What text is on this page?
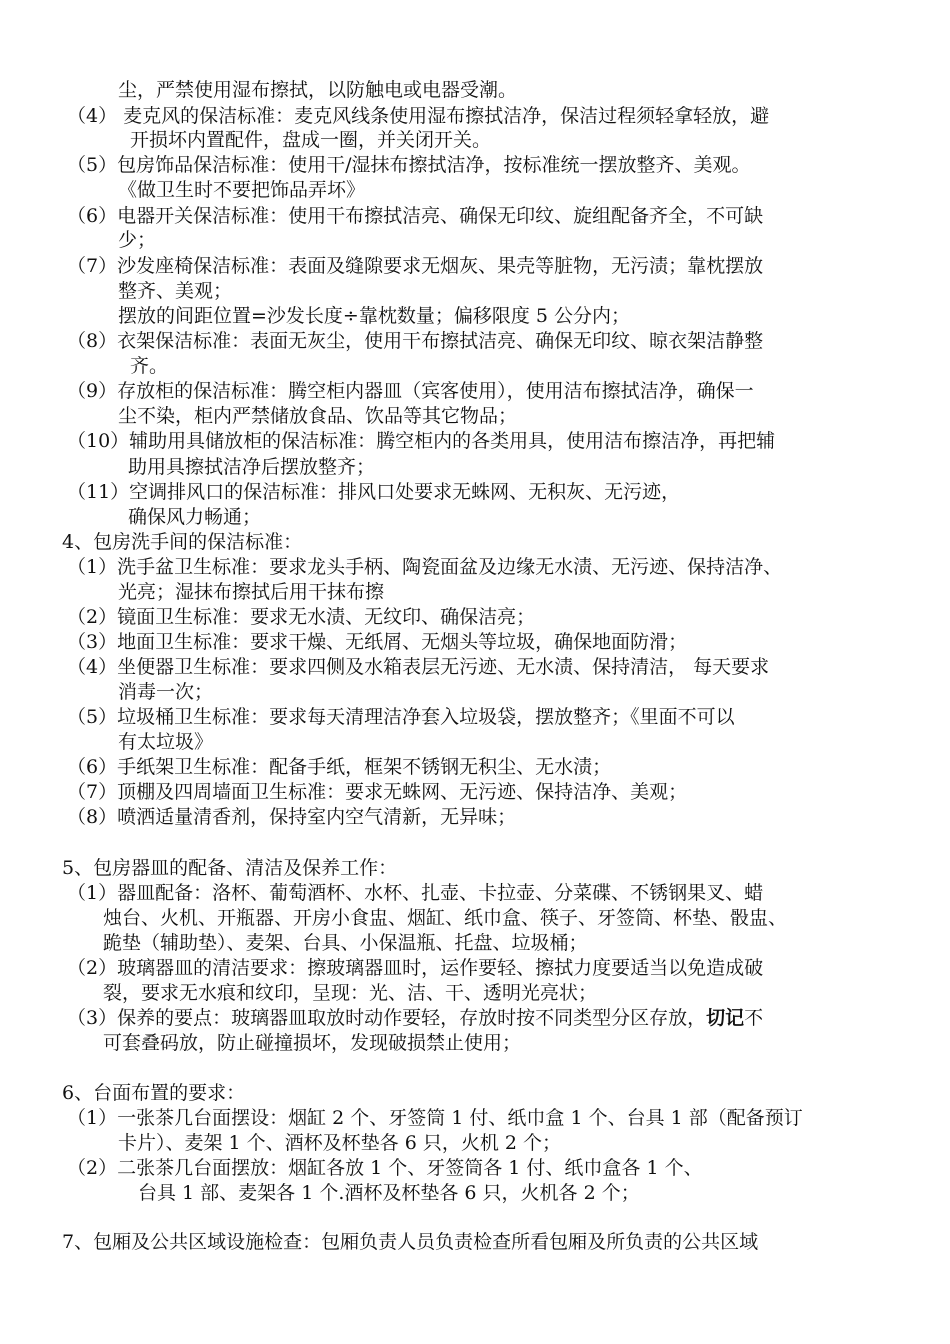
尘，严禁使用湿布擦拭，以防触电或电器受潮。
（4） 麦克风的保洁标准：麦克风线条使用湿布擦拭洁净，保洁过程须轻拿轻放，避
开损坏内置配件，盘成一圈，并关闭开关。
（5）包房饰品保洁标准：使用干/湿抹布擦拭洁净，按标准统一摆放整齐、美观。
《做卫生时不要把饰品弄坏》
（6）电器开关保洁标准：使用干布擦拭洁亮、确保无印纹、旋组配备齐全，不可缺
少；
（7）沙发座椅保洁标准：表面及缝隙要求无烟灰、果壳等脏物，无污渍；靠枕摆放
整齐、美观；
摆放的间距位置=沙发长度÷靠枕数量；偏移限度 5 公分内；
（8）衣架保洁标准：表面无灰尘，使用干布擦拭洁亮、确保无印纹、晾衣架洁静整
齐。
（9）存放柜的保洁标准：腾空柜内器皿（宾客使用），使用洁布擦拭洁净，确保一
尘不染，柜内严禁储放食品、饮品等其它物品；
（10）辅助用具储放柜的保洁标准：腾空柜内的各类用具，使用洁布擦洁净，再把辅
助用具擦拭洁净后摆放整齐；
（11）空调排风口的保洁标准：排风口处要求无蛛网、无积灰、无污迹，
确保风力畅通；
4、包房洗手间的保洁标准：
（1）洗手盆卫生标准：要求龙头手柄、陶瓷面盆及边缘无水渍、无污迹、保持洁净、
光亮；湿抹布擦拭后用干抹布擦
（2）镜面卫生标准：要求无水渍、无纹印、确保洁亮；
（3）地面卫生标准：要求干燥、无纸屑、无烟头等垃圾，确保地面防滑；
（4）坐便器卫生标准：要求四侧及水箱表层无污迹、无水渍、保持清洁， 每天要求
消毒一次；
（5）垃圾桶卫生标准：要求每天清理洁净套入垃圾袋，摆放整齐；《里面不可以
有太垃圾》
（6）手纸架卫生标准：配备手纸，框架不锈钢无积尘、无水渍；
（7）顶棚及四周墙面卫生标准：要求无蛛网、无污迹、保持洁净、美观；
（8）喷洒适量清香剂，保持室内空气清新，无异味；
5、包房器皿的配备、清洁及保养工作：
（1）器皿配备：洛杯、葡萄酒杯、水杯、扎壶、卡拉壶、分菜碟、不锈钢果叉、蜡
烛台、火机、开瓶器、开房小食盅、烟缸、纸巾盒、筷子、牙签筒、杯垫、骰盅、
跪垫（辅助垫）、麦架、台具、小保温瓶、托盘、垃圾桶；
（2）玻璃器皿的清洁要求：擦玻璃器皿时，运作要轻、擦拭力度要适当以免造成破
裂，要求无水痕和纹印，呈现：光、洁、干、透明光亮状；
（3）保养的要点：玻璃器皿取放时动作要轻，存放时按不同类型分区存放，切记不
可套叠码放，防止碰撞损坏，发现破损禁止使用；
6、台面布置的要求：
（1）一张茶几台面摆设：烟缸 2 个、牙签筒 1 付、纸巾盒 1 个、台具 1 部（配备预订
卡片）、麦架 1 个、酒杯及杯垫各 6 只，火机 2 个；
（2）二张茶几台面摆放：烟缸各放 1 个、牙签筒各 1 付、纸巾盒各 1 个、
台具 1 部、麦架各 1 个.酒杯及杯垫各 6 只，火机各 2 个；
7、包厢及公共区域设施检查：包厢负责人员负责检查所看包厢及所负责的公共区域
